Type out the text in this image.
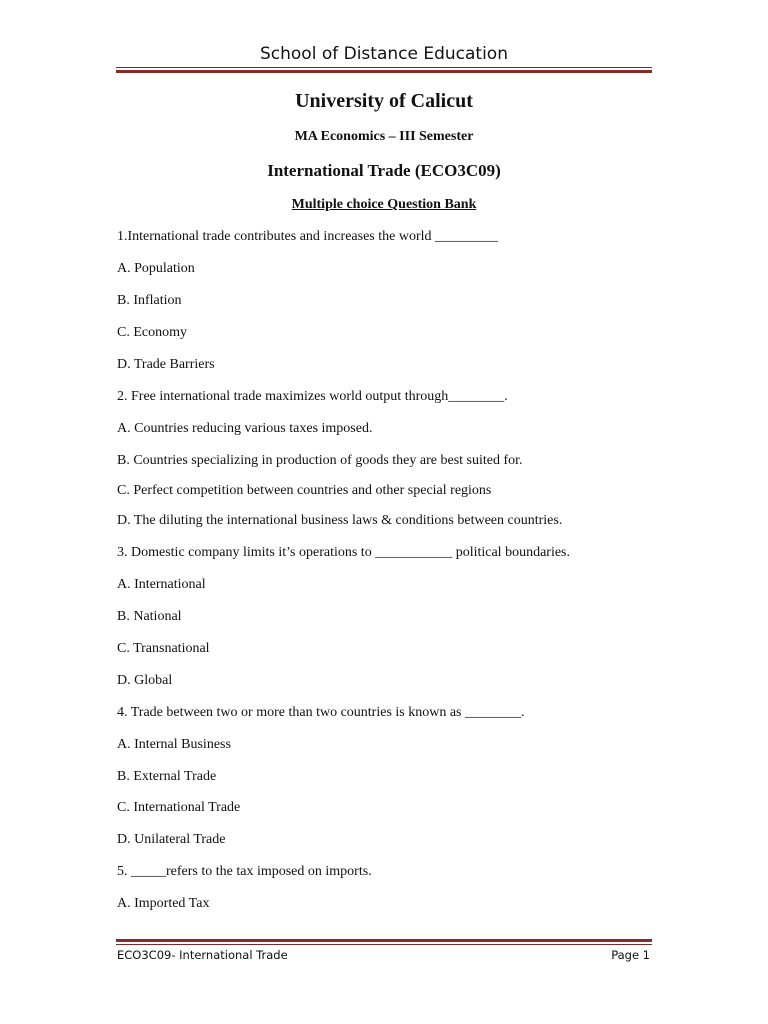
School of Distance Education
University of Calicut
MA Economics – III Semester
International Trade (ECO3C09)
Multiple choice Question Bank
1.International trade contributes and increases the world _________
A. Population
B. Inflation
C. Economy
D. Trade Barriers
2. Free international trade maximizes world output through________.
A. Countries reducing various taxes imposed.
B. Countries specializing in production of goods they are best suited for.
C. Perfect competition between countries and other special regions
D. The diluting the international business laws & conditions between countries.
3. Domestic company limits it’s operations to ___________ political boundaries.
A. International
B. National
C. Transnational
D. Global
4. Trade between two or more than two countries is known as ________.
A. Internal Business
B. External Trade
C. International Trade
D. Unilateral Trade
5. _____refers to the tax imposed on imports.
A. Imported Tax
ECO3C09- International Trade	Page 1
